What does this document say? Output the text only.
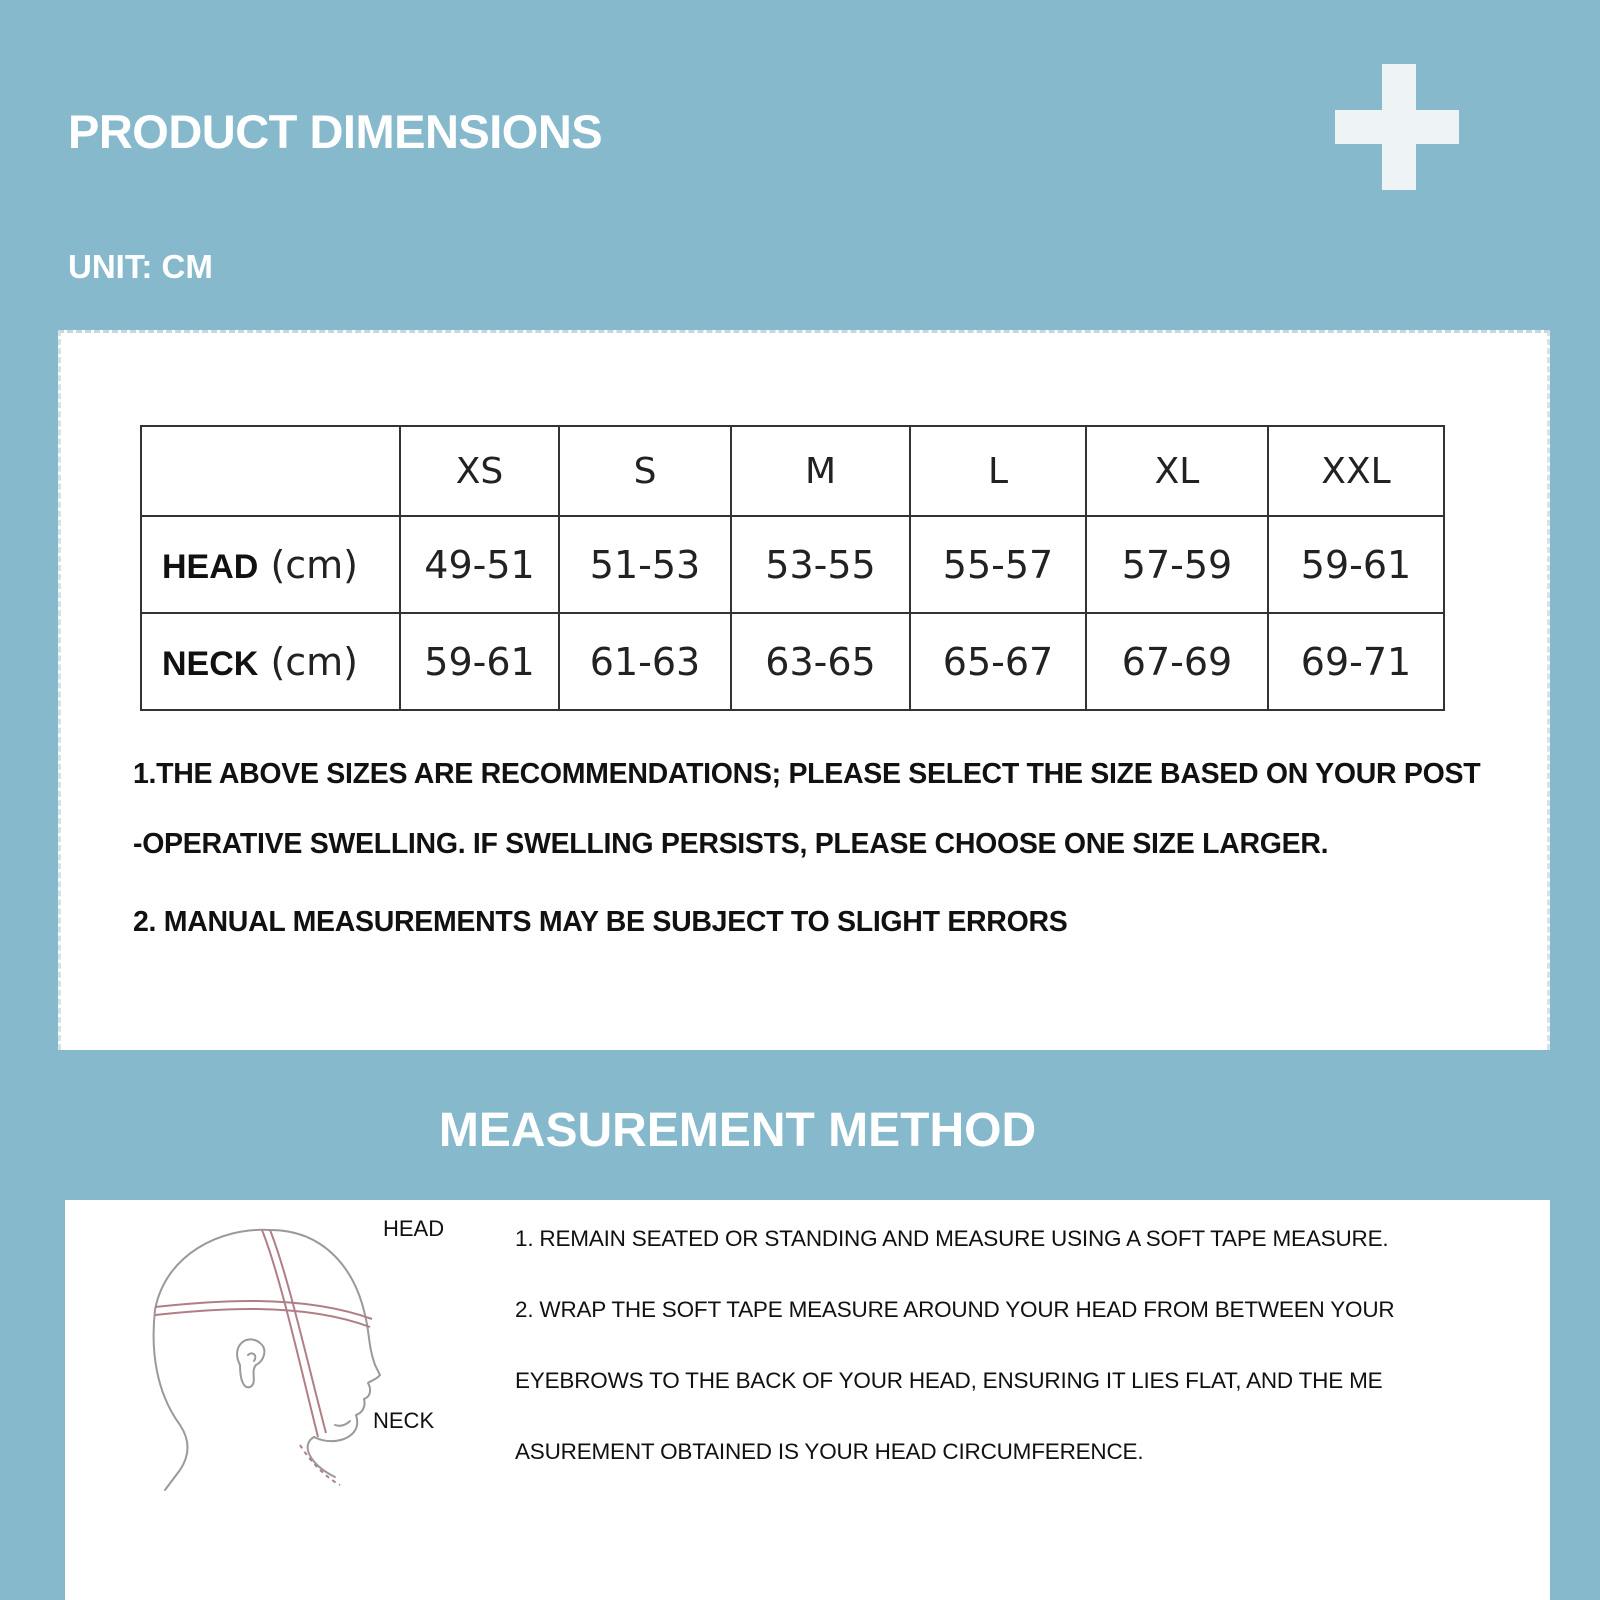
PRODUCT DIMENSIONS
UNIT: CM
	XS	S	M	L	XL	XXL
HEAD (cm)	49-51	51-53	53-55	55-57	57-59	59-61
NECK (cm)	59-61	61-63	63-65	65-67	67-69	69-71
1.THE ABOVE SIZES ARE RECOMMENDATIONS; PLEASE SELECT THE SIZE BASED ON YOUR POST
-OPERATIVE SWELLING. IF SWELLING PERSISTS, PLEASE CHOOSE ONE SIZE LARGER.
2. MANUAL MEASUREMENTS MAY BE SUBJECT TO SLIGHT ERRORS
MEASUREMENT METHOD
HEAD
NECK
1. REMAIN SEATED OR STANDING AND MEASURE USING A SOFT TAPE MEASURE.
2. WRAP THE SOFT TAPE MEASURE AROUND YOUR HEAD FROM BETWEEN YOUR
EYEBROWS TO THE BACK OF YOUR HEAD, ENSURING IT LIES FLAT, AND THE ME
ASUREMENT OBTAINED IS YOUR HEAD CIRCUMFERENCE.
